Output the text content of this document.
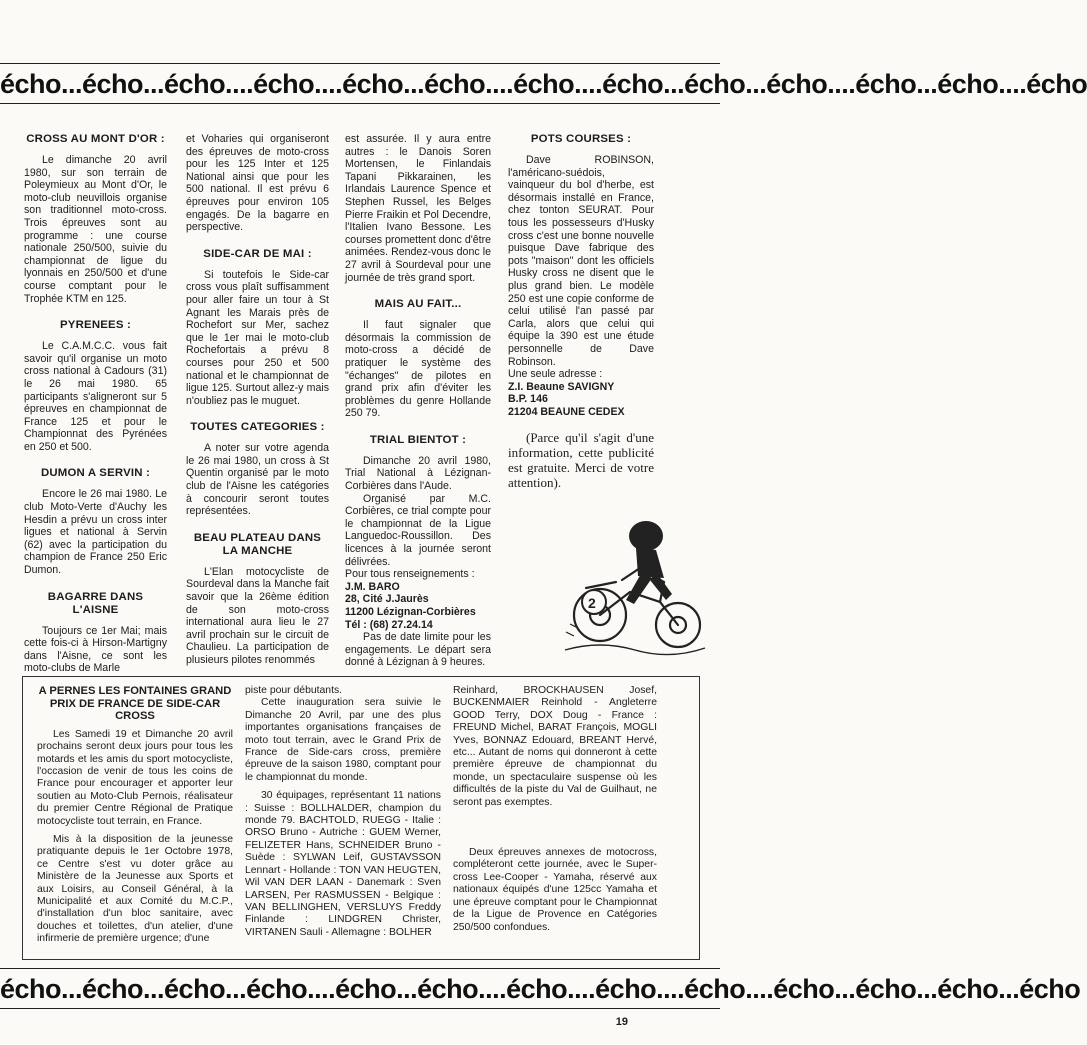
écho...écho...écho....écho....écho...écho....écho....écho...écho...écho....écho...écho....écho
CROSS AU MONT D'OR :

Le dimanche 20 avril 1980, sur son terrain de Poleymieux au Mont d'Or, le moto-club neuvillois organise son traditionnel moto-cross. Trois épreuves sont au programme : une course nationale 250/500, suivie du championnat de ligue du lyonnais en 250/500 et d'une course comptant pour le Trophée KTM en 125.

PYRENEES :

Le C.A.M.C.C. vous fait savoir qu'il organise un moto cross national à Cadours (31) le 26 mai 1980. 65 participants s'aligneront sur 5 épreuves en championnat de France 125 et pour le Championnat des Pyrénées en 250 et 500.

DUMON A SERVIN :

Encore le 26 mai 1980. Le club Moto-Verte d'Auchy les Hesdin a prévu un cross inter ligues et national à Servin (62) avec la participation du champion de France 250 Eric Dumon.

BAGARRE DANS L'AISNE

Toujours ce 1er Mai; mais cette fois-ci à Hirson-Martigny dans l'Aisne, ce sont les moto-clubs de Marle

et Voharies qui organiseront des épreuves de moto-cross pour les 125 Inter et 125 National ainsi que pour les 500 national. Il est prévu 6 épreuves pour environ 105 engagés. De la bagarre en perspective.

SIDE-CAR DE MAI :

Si toutefois le Side-car cross vous plaît suffisamment pour aller faire un tour à St Agnant les Marais près de Rochefort sur Mer, sachez que le 1er mai le moto-club Rochefortais a prévu 8 courses pour 250 et 500 national et le championnat de ligue 125. Surtout allez-y mais n'oubliez pas le muguet.

TOUTES CATEGORIES :

A noter sur votre agenda le 26 mai 1980, un cross à St Quentin organisé par le moto club de l'Aisne les catégories à concourir seront toutes représentées.

BEAU PLATEAU DANS LA MANCHE

L'Elan motocycliste de Sourdeval dans la Manche fait savoir que la 26ème édition de son moto-cross international aura lieu le 27 avril prochain sur le circuit de Chaulieu. La participation de plusieurs pilotes renommés

est assurée. Il y aura entre autres : le Danois Soren Mortensen, le Finlandais Tapani Pikkarainen, les Irlandais Laurence Spence et Stephen Russel, les Belges Pierre Fraikin et Pol Decendre, l'Italien Ivano Bessone. Les courses promettent donc d'être animées. Rendez-vous donc le 27 avril à Sourdeval pour une journée de très grand sport.

MAIS AU FAIT...

Il faut signaler que désormais la commission de moto-cross a décidé de pratiquer le système des "échanges" de pilotes en grand prix afin d'éviter les problèmes du genre Hollande 250 79.

TRIAL BIENTOT :

Dimanche 20 avril 1980, Trial National à Lézignan-Corbières dans l'Aude.

Organisé par M.C. Corbières, ce trial compte pour le championnat de la Ligue Languedoc-Roussillon. Des licences à la journée seront délivrées.

Pour tous renseignements :

J.M. BARO
28, Cité J.Jaurès
11200 Lézignan-Corbières
Tél : (68) 27.24.14

Pas de date limite pour les engagements. Le départ sera donné à Lézignan à 9 heures.

POTS COURSES :

Dave ROBINSON, l'américano-suédois, vainqueur du bol d'herbe, est désormais installé en France, chez tonton SEURAT. Pour tous les possesseurs d'Husky cross c'est une bonne nouvelle puisque Dave fabrique des pots "maison" dont les officiels Husky cross ne disent que le plus grand bien. Le modèle 250 est une copie conforme de celui utilisé l'an passé par Carla, alors que celui qui équipe la 390 est une étude personnelle de Dave Robinson.

Une seule adresse :

Z.I. Beaune SAVIGNY
B.P. 146
21204 BEAUNE CEDEX

(Parce qu'il s'agit d'une information, cette publicité est gratuite. Merci de votre attention).

2
A PERNES LES FONTAINES GRAND PRIX DE FRANCE DE SIDE-CAR CROSS

Les Samedi 19 et Dimanche 20 avril prochains seront deux jours pour tous les motards et les amis du sport motocycliste, l'occasion de venir de tous les coins de France pour encourager et apporter leur soutien au Moto-Club Pernois, réalisateur du premier Centre Régional de Pratique motocycliste tout terrain, en France.

Mis à la disposition de la jeunesse pratiquante depuis le 1er Octobre 1978, ce Centre s'est vu doter grâce au Ministère de la Jeunesse aux Sports et aux Loisirs, au Conseil Général, à la Municipalité et aux Comité du M.C.P., d'installation d'un bloc sanitaire, avec douches et toilettes, d'un atelier, d'une infirmerie de première urgence; d'une

piste pour débutants.

Cette inauguration sera suivie le Dimanche 20 Avril, par une des plus importantes organisations françaises de moto tout terrain, avec le Grand Prix de France de Side-cars cross, première épreuve de la saison 1980, comptant pour le championnat du monde.

30 équipages, représentant 11 nations : Suisse : BOLLHALDER, champion du monde 79. BACHTOLD, RUEGG - Italie : ORSO Bruno - Autriche : GUEM Werner, FELIZETER Hans, SCHNEIDER Bruno - Suède : SYLWAN Leif, GUSTAVSSON Lennart - Hollande : TON VAN HEUGTEN, Wil VAN DER LAAN - Danemark : Sven LARSEN, Per RASMUSSEN - Belgique : VAN BELLINGHEN, VERSLUYS Freddy Finlande : LINDGREN Christer, VIRTANEN Sauli - Allemagne : BOLHER

Reinhard, BROCKHAUSEN Josef, BUCKENMAIER Reinhold - Angleterre GOOD Terry, DOX Doug - France : FREUND Michel, BARAT François, MOGLI Yves, BONNAZ Edouard, BREANT Hervé, etc... Autant de noms qui donneront à cette première épreuve de championnat du monde, un spectaculaire suspense où les difficultés de la piste du Val de Guilhaut, ne seront pas exemptes.

Deux épreuves annexes de motocross, compléteront cette journée, avec le Super-cross Lee-Cooper - Yamaha, réservé aux nationaux équipés d'une 125cc Yamaha et une épreuve comptant pour le Championnat de la Ligue de Provence en Catégories 250/500 confondues.

écho...écho...écho...écho....écho...écho....écho....écho....écho....écho...écho...écho...écho
19
